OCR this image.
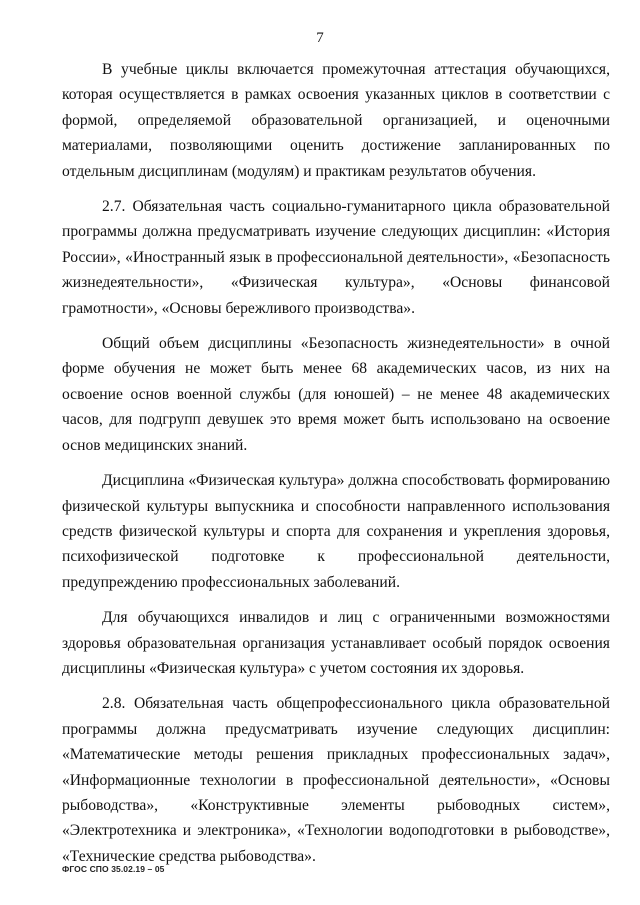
7

В учебные циклы включается промежуточная аттестация обучающихся, которая осуществляется в рамках освоения указанных циклов в соответствии с формой, определяемой образовательной организацией, и оценочными материалами, позволяющими оценить достижение запланированных по отдельным дисциплинам (модулям) и практикам результатов обучения.

2.7. Обязательная часть социально-гуманитарного цикла образовательной программы должна предусматривать изучение следующих дисциплин: «История России», «Иностранный язык в профессиональной деятельности», «Безопасность жизнедеятельности», «Физическая культура», «Основы финансовой грамотности», «Основы бережливого производства».

Общий объем дисциплины «Безопасность жизнедеятельности» в очной форме обучения не может быть менее 68 академических часов, из них на освоение основ военной службы (для юношей) – не менее 48 академических часов, для подгрупп девушек это время может быть использовано на освоение основ медицинских знаний.

Дисциплина «Физическая культура» должна способствовать формированию физической культуры выпускника и способности направленного использования средств физической культуры и спорта для сохранения и укрепления здоровья, психофизической подготовке к профессиональной деятельности, предупреждению профессиональных заболеваний.

Для обучающихся инвалидов и лиц с ограниченными возможностями здоровья образовательная организация устанавливает особый порядок освоения дисциплины «Физическая культура» с учетом состояния их здоровья.

2.8. Обязательная часть общепрофессионального цикла образовательной программы должна предусматривать изучение следующих дисциплин: «Математические методы решения прикладных профессиональных задач», «Информационные технологии в профессиональной деятельности», «Основы рыбоводства», «Конструктивные элементы рыбоводных систем», «Электротехника и электроника», «Технологии водоподготовки в рыбоводстве», «Технические средства рыбоводства».

ФГОС СПО 35.02.19 – 05
